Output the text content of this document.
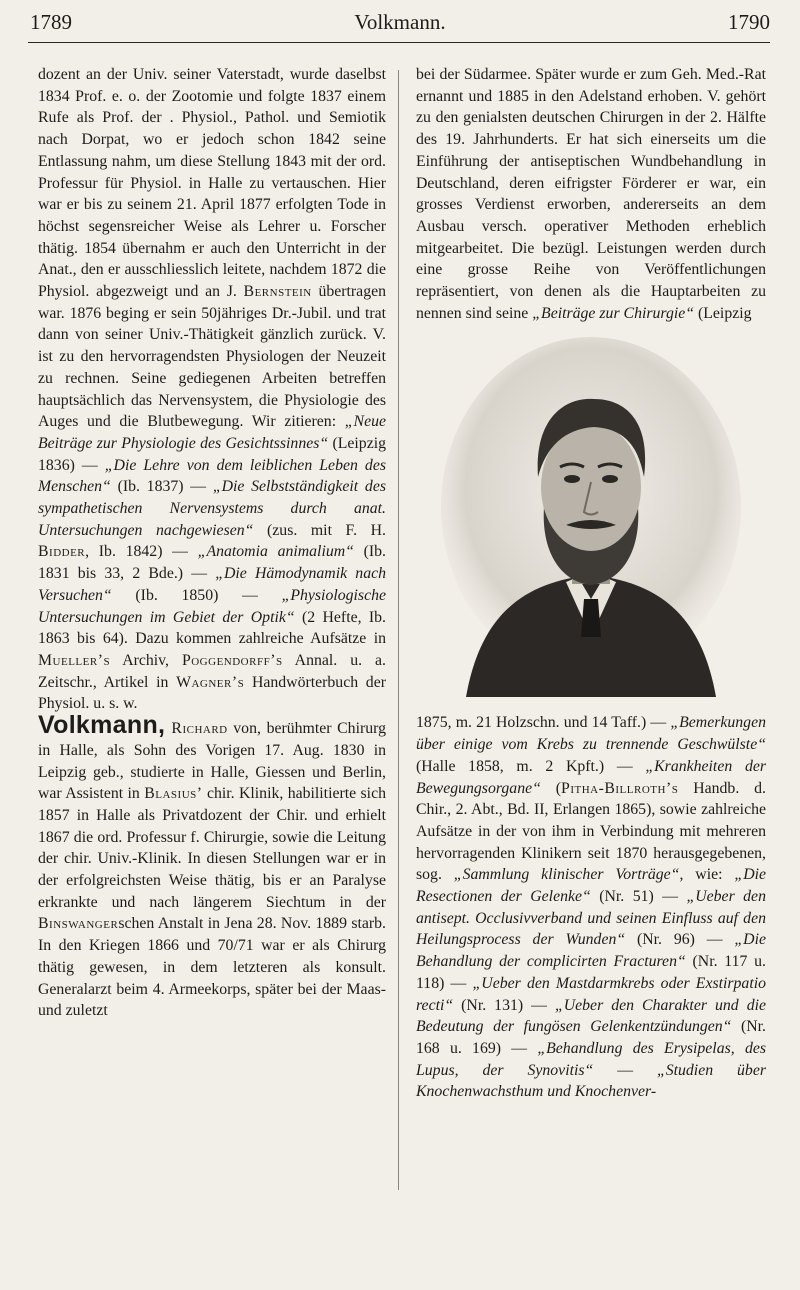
1789	Volkmann.	1790

dozent an der Univ. seiner Vaterstadt, wurde daselbst 1834 Prof. e. o. der Zootomie und folgte 1837 einem Rufe als Prof. der . Physiol., Pathol. und Semiotik nach Dorpat, wo er jedoch schon 1842 seine Entlassung nahm, um diese Stellung 1843 mit der ord. Professur für Physiol. in Halle zu vertauschen. Hier war er bis zu seinem 21. April 1877 erfolgten Tode in höchst segensreicher Weise als Lehrer u. Forscher thätig. 1854 übernahm er auch den Unterricht in der Anat., den er ausschliesslich leitete, nachdem 1872 die Physiol. abgezweigt und an J. Bernstein übertragen war. 1876 beging er sein 50jähriges Dr.-Jubil. und trat dann von seiner Univ.-Thätigkeit gänzlich zurück. V. ist zu den hervorragendsten Physiologen der Neuzeit zu rechnen. Seine gediegenen Arbeiten betreffen hauptsächlich das Nervensystem, die Physiologie des Auges und die Blutbewegung. Wir zitieren: „Neue Beiträge zur Physiologie des Gesichtssinnes“ (Leipzig 1836) — „Die Lehre von dem leiblichen Leben des Menschen“ (Ib. 1837) — „Die Selbstständigkeit des sympathetischen Nervensystems durch anat. Untersuchungen nachgewiesen“ (zus. mit F. H. Bidder, Ib. 1842) — „Anatomia animalium“ (Ib. 1831 bis 33, 2 Bde.) — „Die Hämodynamik nach Versuchen“ (Ib. 1850) — „Physiologische Untersuchungen im Gebiet der Optik“ (2 Hefte, Ib. 1863 bis 64). Dazu kommen zahlreiche Aufsätze in Mueller’s Archiv, Poggendorff’s Annal. u. a. Zeitschr., Artikel in Wagner’s Handwörterbuch der Physiol. u. s. w.

Volkmann, Richard von, berühmter Chirurg in Halle, als Sohn des Vorigen 17. Aug. 1830 in Leipzig geb., studierte in Halle, Giessen und Berlin, war Assistent in Blasius’ chir. Klinik, habilitierte sich 1857 in Halle als Privatdozent der Chir. und erhielt 1867 die ord. Professur f. Chirurgie, sowie die Leitung der chir. Univ.-Klinik. In diesen Stellungen war er in der erfolgreichsten Weise thätig, bis er an Paralyse erkrankte und nach längerem Siechtum in der Binswangerschen Anstalt in Jena 28. Nov. 1889 starb. In den Kriegen 1866 und 70/71 war er als Chirurg thätig gewesen, in dem letzteren als konsult. Generalarzt beim 4. Armeekorps, später bei der Maas- und zuletzt

bei der Südarmee. Später wurde er zum Geh. Med.-Rat ernannt und 1885 in den Adelstand erhoben. V. gehört zu den genialsten deutschen Chirurgen in der 2. Hälfte des 19. Jahrhunderts. Er hat sich einerseits um die Einführung der antiseptischen Wundbehandlung in Deutschland, deren eifrigster Förderer er war, ein grosses Verdienst erworben, andererseits an dem Ausbau versch. operativer Methoden erheblich mitgearbeitet. Die bezügl. Leistungen werden durch eine grosse Reihe von Veröffentlichungen repräsentiert, von denen als die Hauptarbeiten zu nennen sind seine „Beiträge zur Chirurgie“ (Leipzig

1875, m. 21 Holzschn. und 14 Taff.) — „Bemerkungen über einige vom Krebs zu trennende Geschwülste“ (Halle 1858, m. 2 Kpft.) — „Krankheiten der Bewegungsorgane“ (Pitha-Billroth’s Handb. d. Chir., 2. Abt., Bd. II, Erlangen 1865), sowie zahlreiche Aufsätze in der von ihm in Verbindung mit mehreren hervorragenden Klinikern seit 1870 herausgegebenen, sog. „Sammlung klinischer Vorträge“, wie: „Die Resectionen der Gelenke“ (Nr. 51) — „Ueber den antisept. Occlusivverband und seinen Einfluss auf den Heilungsprocess der Wunden“ (Nr. 96) — „Die Behandlung der complicirten Fracturen“ (Nr. 117 u. 118) — „Ueber den Mastdarmkrebs oder Exstirpatio recti“ (Nr. 131) — „Ueber den Charakter und die Bedeutung der fungösen Gelenkentzündungen“ (Nr. 168 u. 169) — „Behandlung des Erysipelas, des Lupus, der Synovitis“ — „Studien über Knochenwachsthum und Knochenver-
